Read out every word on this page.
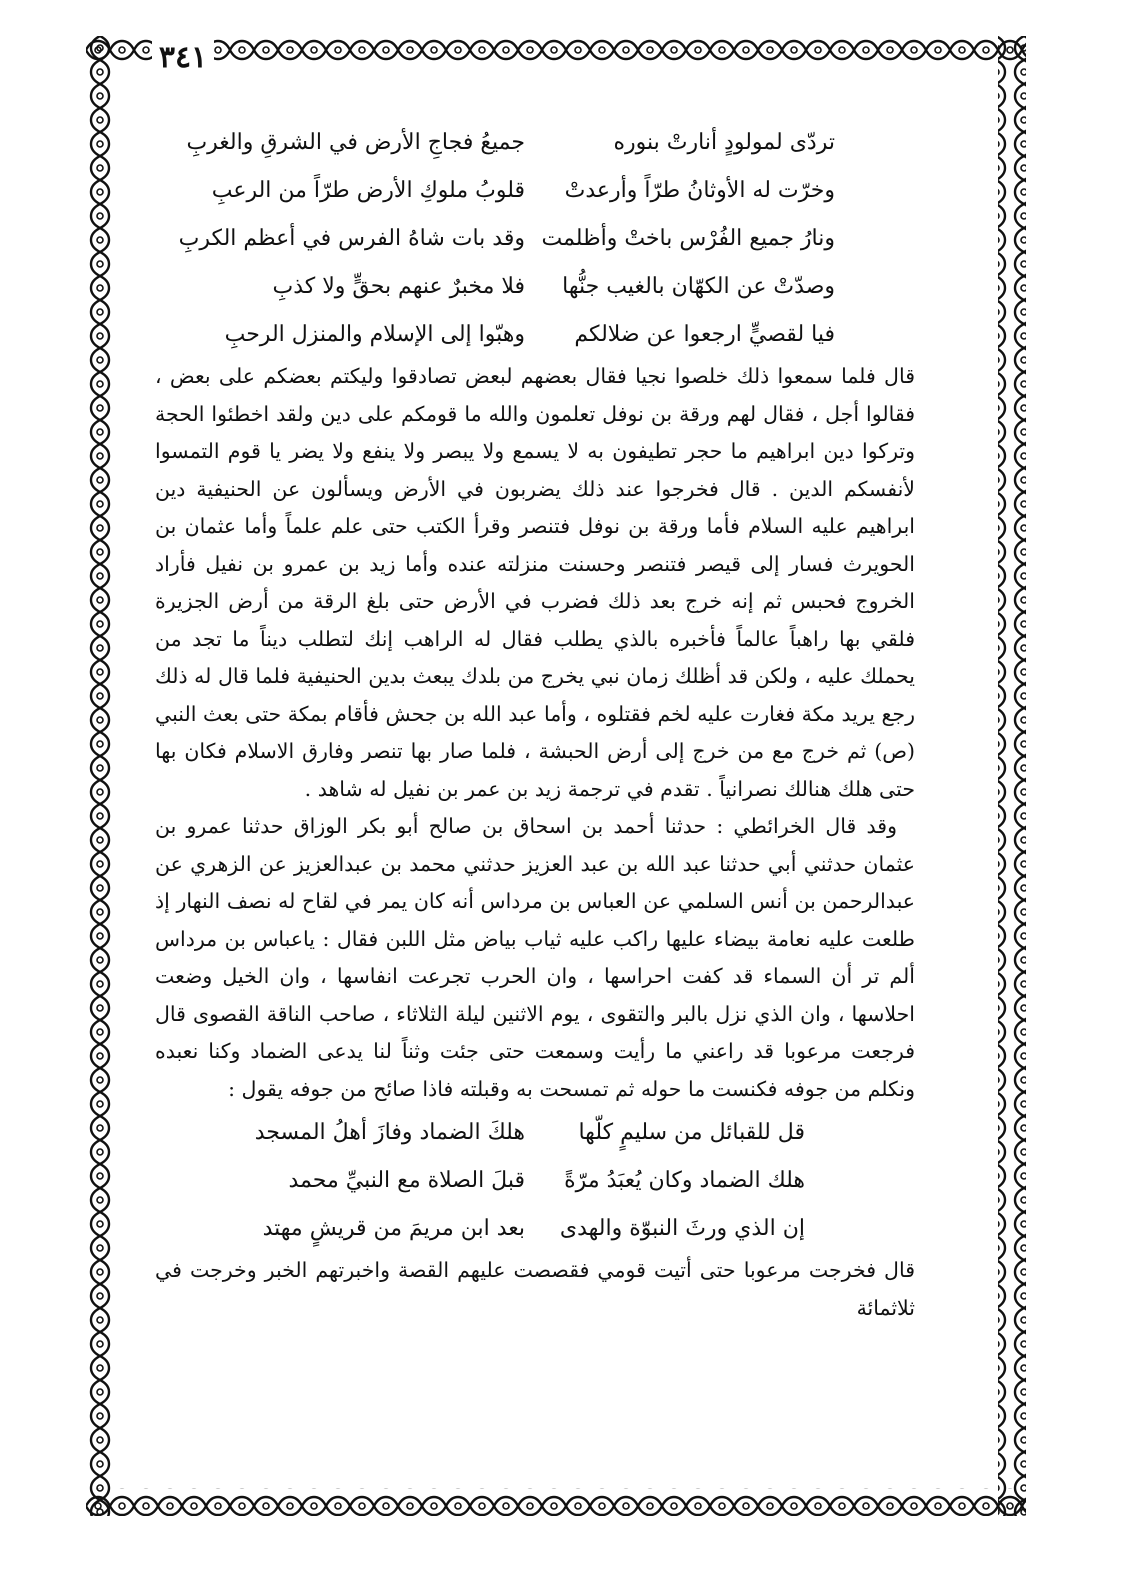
٣٤١
تردّى لمولودٍ أنارتْ بنوره
جميعُ فجاجِ الأرض في الشرقِ والغربِ
وخرّت له الأوثانُ طرّاً وأرعدتْ
قلوبُ ملوكِ الأرض طرّاً من الرعبِ
ونارُ جميع الفُرْس باختْ وأظلمت
وقد بات شاهُ الفرس في أعظم الكربِ
وصدّتْ عن الكهّان بالغيب جنُّها
فلا مخبرٌ عنهم بحقٍّ ولا كذبِ
فيا لقصيٍّ ارجعوا عن ضلالكم
وهبّوا إلى الإسلام والمنزل الرحبِ

قال فلما سمعوا ذلك خلصوا نجيا فقال بعضهم لبعض تصادقوا وليكتم بعضكم على بعض ، فقالوا أجل ، فقال لهم ورقة بن نوفل تعلمون والله ما قومكم على دين ولقد اخطئوا الحجة وتركوا دين ابراهيم ما حجر تطيفون به لا يسمع ولا يبصر ولا ينفع ولا يضر يا قوم التمسوا لأنفسكم الدين . قال فخرجوا عند ذلك يضربون في الأرض ويسألون عن الحنيفية دين ابراهيم عليه السلام فأما ورقة بن نوفل فتنصر وقرأ الكتب حتى علم علماً وأما عثمان بن الحويرث فسار إلى قيصر فتنصر وحسنت منزلته عنده وأما زيد بن عمرو بن نفيل فأراد الخروج فحبس ثم إنه خرج بعد ذلك فضرب في الأرض حتى بلغ الرقة من أرض الجزيرة فلقي بها راهباً عالماً فأخبره بالذي يطلب فقال له الراهب إنك لتطلب ديناً ما تجد من يحملك عليه ، ولكن قد أظلك زمان نبي يخرج من بلدك يبعث بدين الحنيفية فلما قال له ذلك رجع يريد مكة فغارت عليه لخم فقتلوه ، وأما عبد الله بن جحش فأقام بمكة حتى بعث النبي (ص) ثم خرج مع من خرج إلى أرض الحبشة ، فلما صار بها تنصر وفارق الاسلام فكان بها حتى هلك هنالك نصرانياً . تقدم في ترجمة زيد بن عمر بن نفيل له شاهد .

وقد قال الخرائطي : حدثنا أحمد بن اسحاق بن صالح أبو بكر الوزاق حدثنا عمرو بن عثمان حدثني أبي حدثنا عبد الله بن عبد العزيز حدثني محمد بن عبدالعزيز عن الزهري عن عبدالرحمن بن أنس السلمي عن العباس بن مرداس أنه كان يمر في لقاح له نصف النهار إذ طلعت عليه نعامة بيضاء عليها راكب عليه ثياب بياض مثل اللبن فقال : ياعباس بن مرداس ألم تر أن السماء قد كفت احراسها ، وان الحرب تجرعت انفاسها ، وان الخيل وضعت احلاسها ، وان الذي نزل بالبر والتقوى ، يوم الاثنين ليلة الثلاثاء ، صاحب الناقة القصوى قال فرجعت مرعوبا قد راعني ما رأيت وسمعت حتى جئت وثناً لنا يدعى الضماد وكنا نعبده ونكلم من جوفه فكنست ما حوله ثم تمسحت به وقبلته فاذا صائح من جوفه يقول :

قل للقبائل من سليمٍ كلّها
هلكَ الضماد وفازَ أهلُ المسجد
هلك الضماد وكان يُعبَدُ مرّةً
قبلَ الصلاة مع النبيِّ محمد
إن الذي ورثَ النبوّة والهدى
بعد ابن مريمَ من قريشٍ مهتد

قال فخرجت مرعوبا حتى أتيت قومي فقصصت عليهم القصة واخبرتهم الخبر وخرجت في ثلاثمائة
